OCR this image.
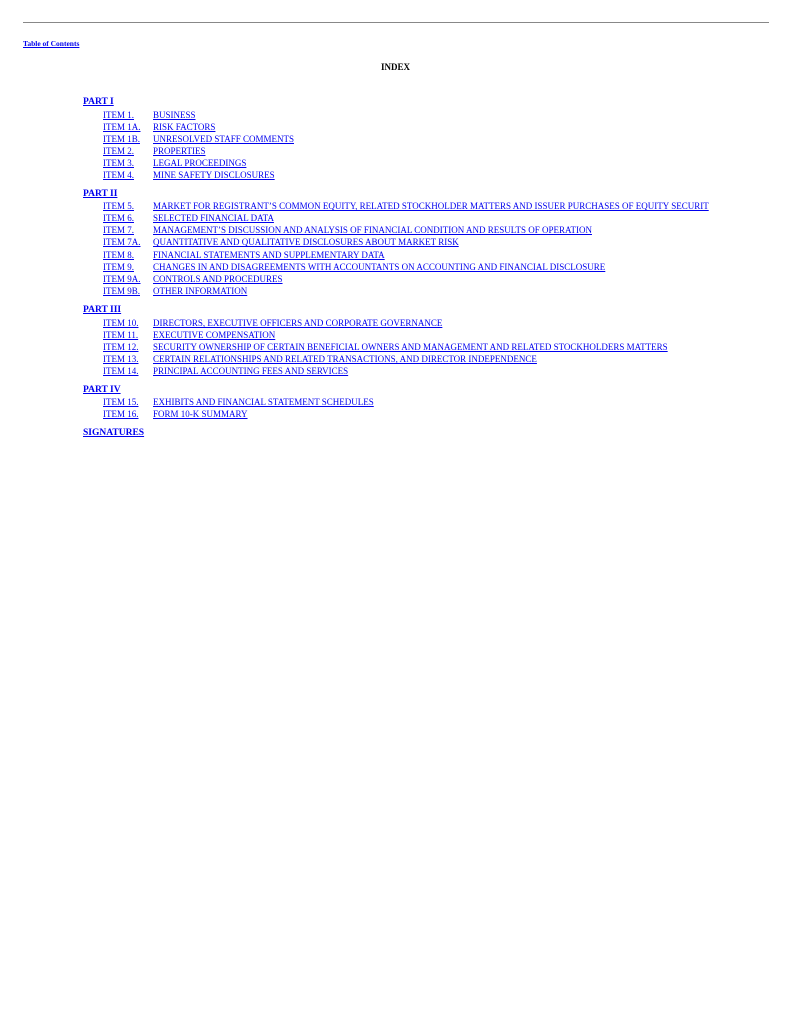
Table of Contents
INDEX
PART I
ITEM 1. BUSINESS
ITEM 1A. RISK FACTORS
ITEM 1B. UNRESOLVED STAFF COMMENTS
ITEM 2. PROPERTIES
ITEM 3. LEGAL PROCEEDINGS
ITEM 4. MINE SAFETY DISCLOSURES
PART II
ITEM 5. MARKET FOR REGISTRANT’S COMMON EQUITY, RELATED STOCKHOLDER MATTERS AND ISSUER PURCHASES OF EQUITY SECURIT
ITEM 6. SELECTED FINANCIAL DATA
ITEM 7. MANAGEMENT’S DISCUSSION AND ANALYSIS OF FINANCIAL CONDITION AND RESULTS OF OPERATION
ITEM 7A. QUANTITATIVE AND QUALITATIVE DISCLOSURES ABOUT MARKET RISK
ITEM 8. FINANCIAL STATEMENTS AND SUPPLEMENTARY DATA
ITEM 9. CHANGES IN AND DISAGREEMENTS WITH ACCOUNTANTS ON ACCOUNTING AND FINANCIAL DISCLOSURE
ITEM 9A. CONTROLS AND PROCEDURES
ITEM 9B. OTHER INFORMATION
PART III
ITEM 10. DIRECTORS, EXECUTIVE OFFICERS AND CORPORATE GOVERNANCE
ITEM 11. EXECUTIVE COMPENSATION
ITEM 12. SECURITY OWNERSHIP OF CERTAIN BENEFICIAL OWNERS AND MANAGEMENT AND RELATED STOCKHOLDERS MATTERS
ITEM 13. CERTAIN RELATIONSHIPS AND RELATED TRANSACTIONS, AND DIRECTOR INDEPENDENCE
ITEM 14. PRINCIPAL ACCOUNTING FEES AND SERVICES
PART IV
ITEM 15. EXHIBITS AND FINANCIAL STATEMENT SCHEDULES
ITEM 16. FORM 10-K SUMMARY
SIGNATURES
